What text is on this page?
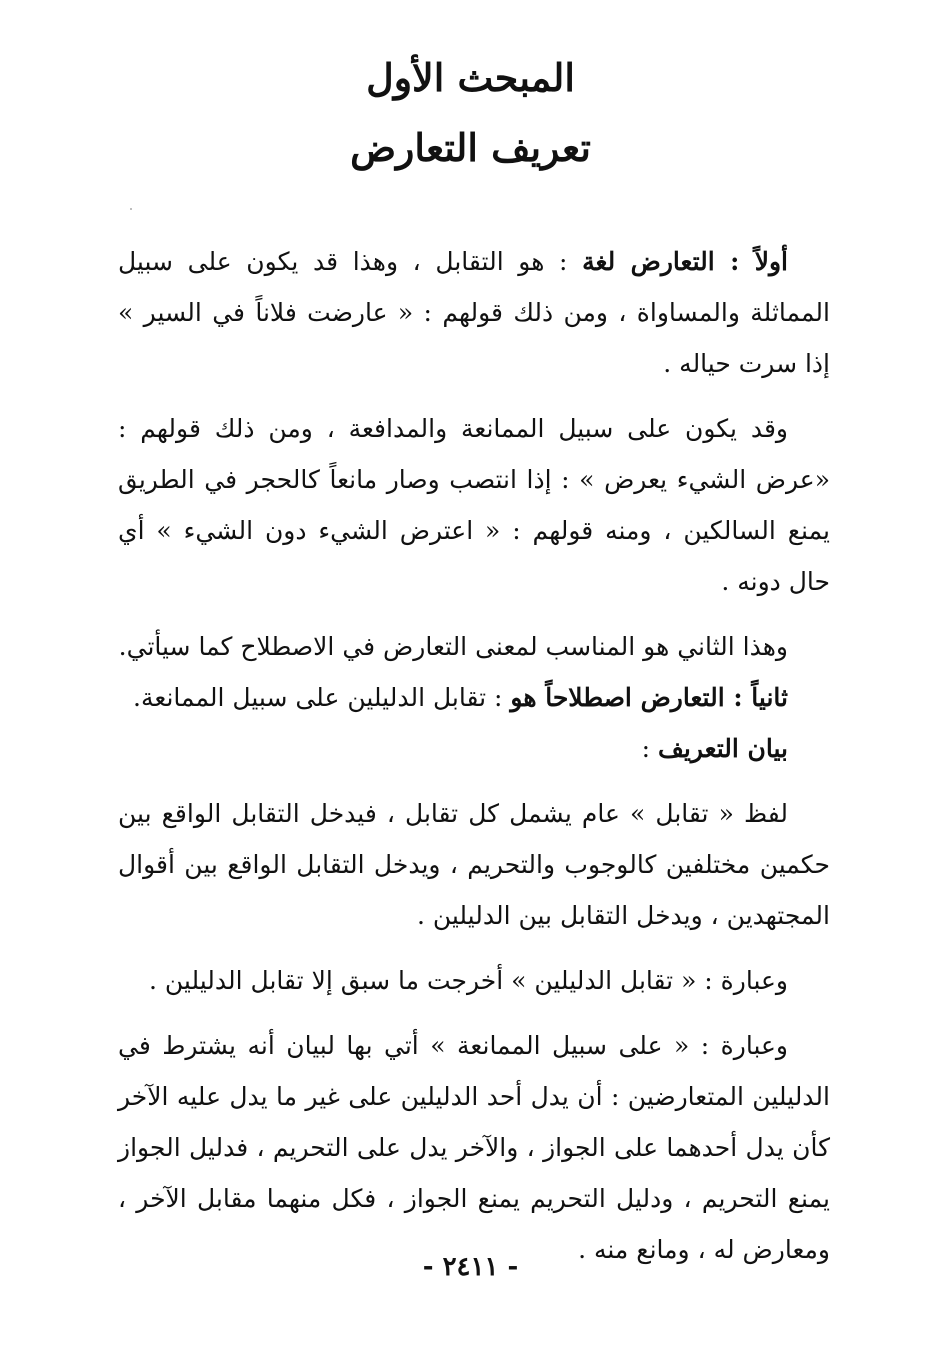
المبحث الأول

تعريف التعارض

أولاً : التعارض لغة : هو التقابل ، وهذا قد يكون على سبيل المماثلة والمساواة ، ومن ذلك قولهم : « عارضت فلاناً في السير » إذا سرت حياله .

وقد يكون على سبيل الممانعة والمدافعة ، ومن ذلك قولهم : «عرض الشيء يعرض » : إذا انتصب وصار مانعاً كالحجر في الطريق يمنع السالكين ، ومنه قولهم : « اعترض الشيء دون الشيء » أي حال دونه .

وهذا الثاني هو المناسب لمعنى التعارض في الاصطلاح كما سيأتي.

ثانياً : التعارض اصطلاحاً هو : تقابل الدليلين على سبيل الممانعة.

بيان التعريف :

لفظ « تقابل » عام يشمل كل تقابل ، فيدخل التقابل الواقع بين حكمين مختلفين كالوجوب والتحريم ، ويدخل التقابل الواقع بين أقوال المجتهدين ، ويدخل التقابل بين الدليلين .

وعبارة : « تقابل الدليلين » أخرجت ما سبق إلا تقابل الدليلين .

وعبارة : « على سبيل الممانعة » أتي بها لبيان أنه يشترط في الدليلين المتعارضين : أن يدل أحد الدليلين على غير ما يدل عليه الآخر كأن يدل أحدهما على الجواز ، والآخر يدل على التحريم ، فدليل الجواز يمنع التحريم ، ودليل التحريم يمنع الجواز ، فكل منهما مقابل الآخر ، ومعارض له ، ومانع منه .

- ٢٤١١ -
